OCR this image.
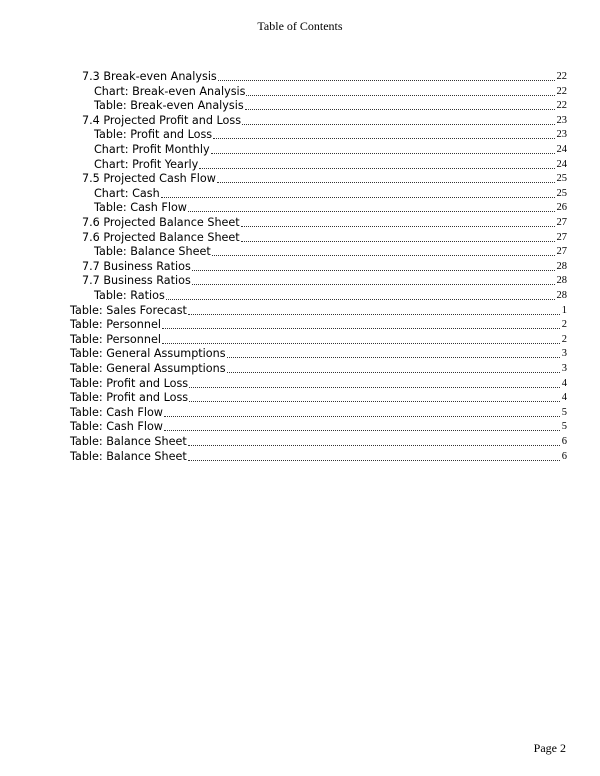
Table of Contents
7.3 Break-even Analysis	22
Chart: Break-even Analysis	22
Table: Break-even Analysis	22
7.4 Projected Profit and Loss	23
Table: Profit and Loss	23
Chart: Profit Monthly	24
Chart: Profit Yearly	24
7.5 Projected Cash Flow	25
Chart: Cash	25
Table: Cash Flow	26
7.6 Projected Balance Sheet	27
7.6 Projected Balance Sheet	27
Table: Balance Sheet	27
7.7 Business Ratios	28
7.7 Business Ratios	28
Table: Ratios	28
Table: Sales Forecast	1
Table: Personnel	2
Table: Personnel	2
Table: General Assumptions	3
Table: General Assumptions	3
Table: Profit and Loss	4
Table: Profit and Loss	4
Table: Cash Flow	5
Table: Cash Flow	5
Table: Balance Sheet	6
Table: Balance Sheet	6
Page 2
